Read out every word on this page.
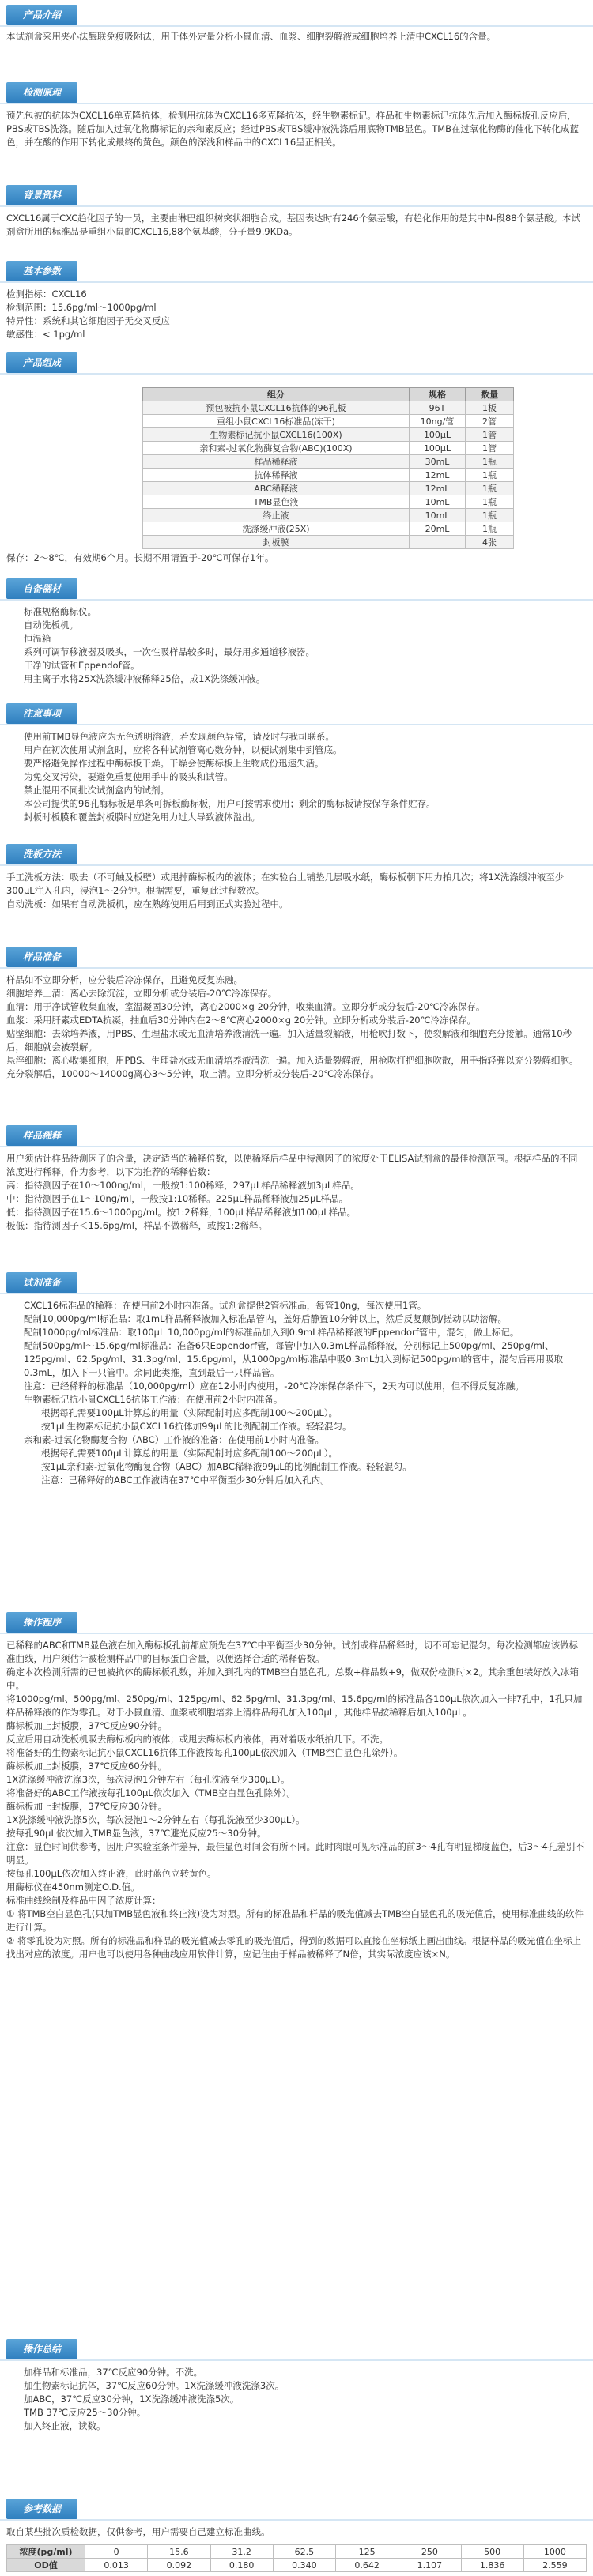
产品介绍

本试剂盒采用夹心法酶联免疫吸附法，用于体外定量分析小鼠血清、血浆、细胞裂解液或细胞培养上清中CXCL16的含量。

检测原理

预先包被的抗体为CXCL16单克隆抗体，检测用抗体为CXCL16多克隆抗体，经生物素标记。样品和生物素标记抗体先后加入酶标板孔反应后，PBS或TBS洗涤。随后加入过氧化物酶标记的亲和素反应；经过PBS或TBS缓冲液洗涤后用底物TMB显色。TMB在过氧化物酶的催化下转化成蓝色，并在酸的作用下转化成最终的黄色。颜色的深浅和样品中的CXCL16呈正相关。

背景资料

CXCL16属于CXC趋化因子的一员，主要由淋巴组织树突状细胞合成。基因表达时有246个氨基酸，有趋化作用的是其中N-段88个氨基酸。本试剂盒所用的标准品是重组小鼠的CXCL16,88个氨基酸，分子量9.9KDa。

基本参数

检测指标：CXCL16

检测范围：15.6pg/ml～1000pg/ml

特异性：系统和其它细胞因子无交叉反应

敏感性：< 1pg/ml

产品组成
组分	规格	数量
预包被抗小鼠CXCL16抗体的96孔板	96T	1板
重组小鼠CXCL16标准品(冻干)	10ng/管	2管
生物素标记抗小鼠CXCL16(100X)	100μL	1管
亲和素-过氧化物酶复合物(ABC)(100X)	100μL	1管
样品稀释液	30mL	1瓶
抗体稀释液	12mL	1瓶
ABC稀释液	12mL	1瓶
TMB显色液	10mL	1瓶
终止液	10mL	1瓶
洗涤缓冲液(25X)	20mL	1瓶
封板膜		4张

保存：2～8℃，有效期6个月。长期不用请置于-20℃可保存1年。

自备器材

标准规格酶标仪。

自动洗板机。

恒温箱

系列可调节移液器及吸头，一次性吸样品较多时，最好用多通道移液器。

干净的试管和Eppendof管。

用主离子水将25X洗涤缓冲液稀释25倍，成1X洗涤缓冲液。

注意事项

使用前TMB显色液应为无色透明溶液，若发现颜色异常，请及时与我司联系。

用户在初次使用试剂盒时，应将各种试剂管离心数分钟，以便试剂集中到管底。

要严格避免操作过程中酶标板干燥。干燥会使酶标板上生物成份迅速失活。

为免交叉污染，要避免重复使用手中的吸头和试管。

禁止混用不同批次试剂盒内的试剂。

本公司提供的96孔酶标板是单条可拆板酶标板，用户可按需求使用；剩余的酶标板请按保存条件贮存。

封板时板膜和覆盖封板膜时应避免用力过大导致液体溢出。

洗板方法

手工洗板方法：吸去（不可触及板壁）或甩掉酶标板内的液体；在实验台上铺垫几层吸水纸，酶标板朝下用力拍几次；将1X洗涤缓冲液至少300μL注入孔内，浸泡1～2分钟。根据需要，重复此过程数次。

自动洗板：如果有自动洗板机，应在熟练使用后用到正式实验过程中。

样品准备

样品如不立即分析，应分装后冷冻保存，且避免反复冻融。

细胞培养上清：离心去除沉淀，立即分析或分装后-20℃冷冻保存。

血清：用于净试管收集血液，室温凝固30分钟，离心2000×g 20分钟，收集血清。立即分析或分装后-20℃冷冻保存。

血浆：采用肝素或EDTA抗凝，抽血后30分钟内在2～8℃离心2000×g 20分钟。立即分析或分装后-20℃冷冻保存。

贴壁细胞：去除培养液，用PBS、生理盐水或无血清培养液清洗一遍。加入适量裂解液，用枪吹打数下，使裂解液和细胞充分接触。通常10秒后，细胞就会被裂解。

悬浮细胞：离心收集细胞，用PBS、生理盐水或无血清培养液清洗一遍。加入适量裂解液，用枪吹打把细胞吹散，用手指轻弹以充分裂解细胞。充分裂解后，10000～14000g离心3～5分钟，取上清。立即分析或分装后-20℃冷冻保存。

样品稀释

用户须估计样品待测因子的含量，决定适当的稀释倍数，以使稀释后样品中待测因子的浓度处于ELISA试剂盒的最佳检测范围。根据样品的不同浓度进行稀释，作为参考，以下为推荐的稀释倍数：

高：指待测因子在10～100ng/ml，一般按1:100稀释，297μL样品稀释液加3μL样品。

中：指待测因子在1～10ng/ml，一般按1:10稀释。225μL样品稀释液加25μL样品。

低：指待测因子在15.6～1000pg/ml。按1:2稀释，100μL样品稀释液加100μL样品。

极低：指待测因子＜15.6pg/ml，样品不做稀释，或按1:2稀释。

试剂准备

CXCL16标准品的稀释：在使用前2小时内准备。试剂盒提供2管标准品，每管10ng，每次使用1管。

配制10,000pg/ml标准品：取1mL样品稀释液加入标准品管内，盖好后静置10分钟以上，然后反复颠倒/搓动以助溶解。

配制1000pg/ml标准品：取100μL 10,000pg/ml的标准品加入到0.9mL样品稀释液的Eppendorf管中，混匀，做上标记。

配制500pg/ml～15.6pg/ml标准品：准备6只Eppendorf管，每管中加入0.3mL样品稀释液，分别标记上500pg/ml、250pg/ml、125pg/ml、62.5pg/ml、31.3pg/ml、15.6pg/ml，从1000pg/ml标准品中吸0.3mL加入到标记500pg/ml的管中，混匀后再用吸取0.3mL，加入下一只管中。余同此类推，直到最后一只样品管。

注意：已经稀释的标准品（10,000pg/ml）应在12小时内使用，-20℃冷冻保存条件下，2天内可以使用，但不得反复冻融。

生物素标记抗小鼠CXCL16抗体工作液：在使用前2小时内准备。

根据每孔需要100μL计算总的用量（实际配制时应多配制100～200μL）。

按1μL生物素标记抗小鼠CXCL16抗体加99μL的比例配制工作液。轻轻混匀。

亲和素-过氧化物酶复合物（ABC）工作液的准备：在使用前1小时内准备。

根据每孔需要100μL计算总的用量（实际配制时应多配制100～200μL）。

按1μL亲和素-过氧化物酶复合物（ABC）加ABC稀释液99μL的比例配制工作液。轻轻混匀。

注意：已稀释好的ABC工作液请在37℃中平衡至少30分钟后加入孔内。

操作程序

已稀释的ABC和TMB显色液在加入酶标板孔前都应预先在37℃中平衡至少30分钟。试剂或样品稀释时，切不可忘记混匀。每次检测都应该做标准曲线，用户须估计被检测样品中的目标蛋白含量，以便选择合适的稀释倍数。

确定本次检测所需的已包被抗体的酶标板孔数，并加入到孔内的TMB空白显色孔。总数+样品数+9，做双份检测时×2。其余重包装好放入冰箱中。

将1000pg/ml、500pg/ml、250pg/ml、125pg/ml、62.5pg/ml、31.3pg/ml、15.6pg/ml的标准品各100μL依次加入一排7孔中，1孔只加样品稀释液的作为零孔。对于小鼠血清、血浆或细胞培养上清样品每孔加入100μL，其他样品按稀释后加入100μL。

酶标板加上封板膜，37℃反应90分钟。

反应后用自动洗板机吸去酶标板内的液体；或甩去酶标板内液体，再对着吸水纸拍几下。不洗。

将准备好的生物素标记抗小鼠CXCL16抗体工作液按每孔100μL依次加入（TMB空白显色孔除外）。

酶标板加上封板膜，37℃反应60分钟。

1X洗涤缓冲液洗涤3次，每次浸泡1分钟左右（每孔洗液至少300μL）。

将准备好的ABC工作液按每孔100μL依次加入（TMB空白显色孔除外）。

酶标板加上封板膜，37℃反应30分钟。

1X洗涤缓冲液洗涤5次，每次浸泡1～2分钟左右（每孔洗液至少300μL）。

按每孔90μL依次加入TMB显色液，37℃避光反应25～30分钟。

注意：显色时间供参考，因用户实验室条件差异，最佳显色时间会有所不同。此时肉眼可见标准品的前3～4孔有明显梯度蓝色，后3～4孔差别不明显。

按每孔100μL依次加入终止液，此时蓝色立转黄色。

用酶标仪在450nm测定O.D.值。

标准曲线绘制及样品中因子浓度计算：

① 将TMB空白显色孔(只加TMB显色液和终止液)设为对照。所有的标准品和样品的吸光值减去TMB空白显色孔的吸光值后，使用标准曲线的软件进行计算。

② 将零孔设为对照。所有的标准品和样品的吸光值减去零孔的吸光值后，得到的数据可以直接在坐标纸上画出曲线。根据样品的吸光值在坐标上找出对应的浓度。用户也可以使用各种曲线应用软件计算，应记住由于样品被稀释了N倍，其实际浓度应该×N。

操作总结

加样品和标准品，37℃反应90分钟。不洗。

加生物素标记抗体，37℃反应60分钟。1X洗涤缓冲液洗涤3次。

加ABC，37℃反应30分钟，1X洗涤缓冲液洗涤5次。

TMB 37℃反应25～30分钟。

加入终止液，读数。

参考数据

取自某些批次质检数据，仅供参考，用户需要自己建立标准曲线。

浓度(pg/ml)	0	15.6	31.2	62.5	125	250	500	1000
OD值	0.013	0.092	0.180	0.340	0.642	1.107	1.836	2.559
